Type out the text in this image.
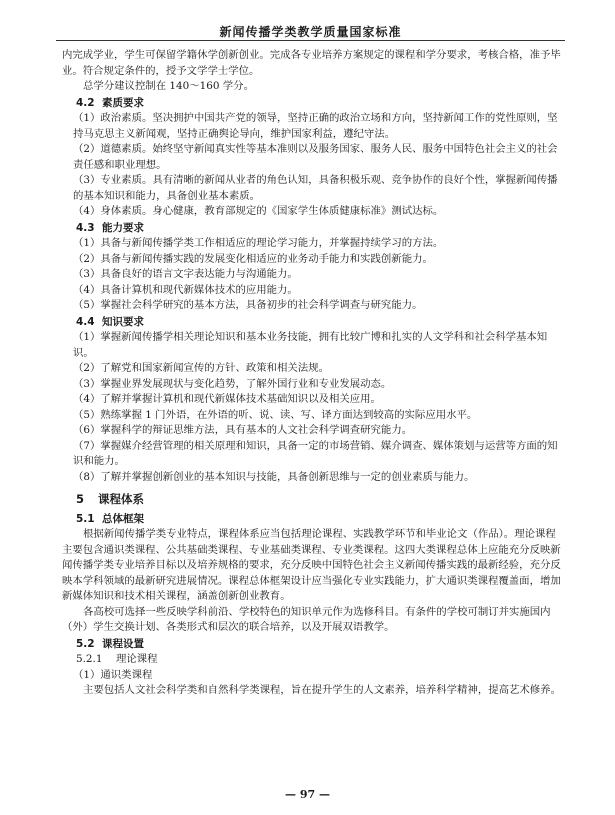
新闻传播学类教学质量国家标准

内完成学业，学生可保留学籍休学创新创业。完成各专业培养方案规定的课程和学分要求，考核合格，准予毕业。符合规定条件的，授予文学学士学位。

总学分建议控制在 140～160 学分。

4.2 素质要求

（1）政治素质。坚决拥护中国共产党的领导，坚持正确的政治立场和方向，坚持新闻工作的党性原则，坚持马克思主义新闻观，坚持正确舆论导向，维护国家利益，遵纪守法。

（2）道德素质。始终坚守新闻真实性等基本准则以及服务国家、服务人民、服务中国特色社会主义的社会责任感和职业理想。

（3）专业素质。具有清晰的新闻从业者的角色认知，具备积极乐观、竞争协作的良好个性，掌握新闻传播的基本知识和能力，具备创业基本素质。

（4）身体素质。身心健康，教育部规定的《国家学生体质健康标准》测试达标。

4.3 能力要求

（1）具备与新闻传播学类工作相适应的理论学习能力，并掌握持续学习的方法。

（2）具备与新闻传播实践的发展变化相适应的业务动手能力和实践创新能力。

（3）具备良好的语言文字表达能力与沟通能力。

（4）具备计算机和现代新媒体技术的应用能力。

（5）掌握社会科学研究的基本方法，具备初步的社会科学调查与研究能力。

4.4 知识要求

（1）掌握新闻传播学相关理论知识和基本业务技能，拥有比较广博和扎实的人文学科和社会科学基本知识。

（2）了解党和国家新闻宣传的方针、政策和相关法规。

（3）掌握业界发展现状与变化趋势，了解外国行业和专业发展动态。

（4）了解并掌握计算机和现代新媒体技术基础知识以及相关应用。

（5）熟练掌握 1 门外语，在外语的听、说、读、写、译方面达到较高的实际应用水平。

（6）掌握科学的辩证思维方法，具有基本的人文社会科学调查研究能力。

（7）掌握媒介经营管理的相关原理和知识，具备一定的市场营销、媒介调查、媒体策划与运营等方面的知识和能力。

（8）了解并掌握创新创业的基本知识与技能，具备创新思维与一定的创业素质与能力。

5 课程体系
5.1 总体框架

根据新闻传播学类专业特点，课程体系应当包括理论课程、实践教学环节和毕业论文（作品）。理论课程主要包含通识类课程、公共基础类课程、专业基础类课程、专业类课程。这四大类课程总体上应能充分反映新闻传播学类专业培养目标以及培养规格的要求，充分反映中国特色社会主义新闻传播实践的最新经验，充分反映本学科领域的最新研究进展情况。课程总体框架设计应当强化专业实践能力，扩大通识类课程覆盖面，增加新媒体知识和技术相关课程，涵盖创新创业教育。

各高校可选择一些反映学科前沿、学校特色的知识单元作为选修科目。有条件的学校可制订并实施国内（外）学生交换计划、各类形式和层次的联合培养，以及开展双语教学。

5.2 课程设置
5.2.1 理论课程

（1）通识类课程

主要包括人文社会科学类和自然科学类课程，旨在提升学生的人文素养，培养科学精神，提高艺术修养。

— 97 —
